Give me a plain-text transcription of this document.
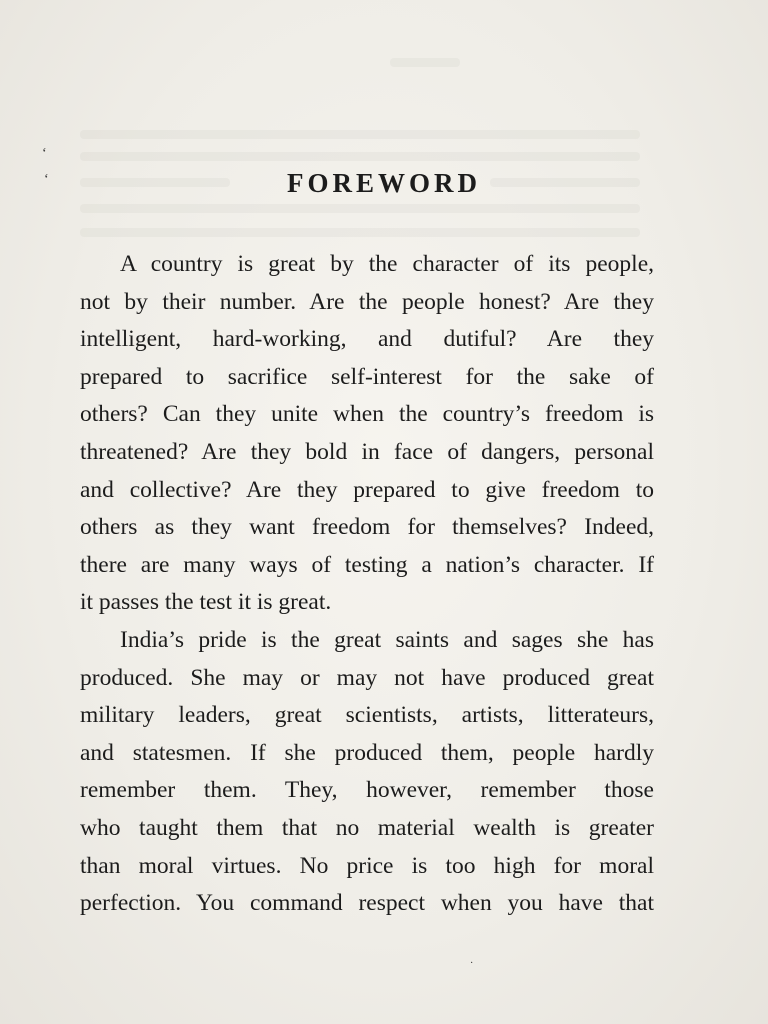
‘
ʻ	FOREWORD
A country is great by the character of its people,
not by their number. Are the people honest? Are they
intelligent, hard-working, and dutiful? Are they
prepared to sacrifice self-interest for the sake of
others? Can they unite when the country’s freedom is
threatened? Are they bold in face of dangers, personal
and collective? Are they prepared to give freedom to
others as they want freedom for themselves? Indeed,
there are many ways of testing a nation’s character. If
it passes the test it is great.
India’s pride is the great saints and sages she has
produced. She may or may not have produced great
military leaders, great scientists, artists, litterateurs,
and statesmen. If she produced them, people hardly
remember them. They, however, remember those
who taught them that no material wealth is greater
than moral virtues. No price is too high for moral
perfection. You command respect when you have that
·
